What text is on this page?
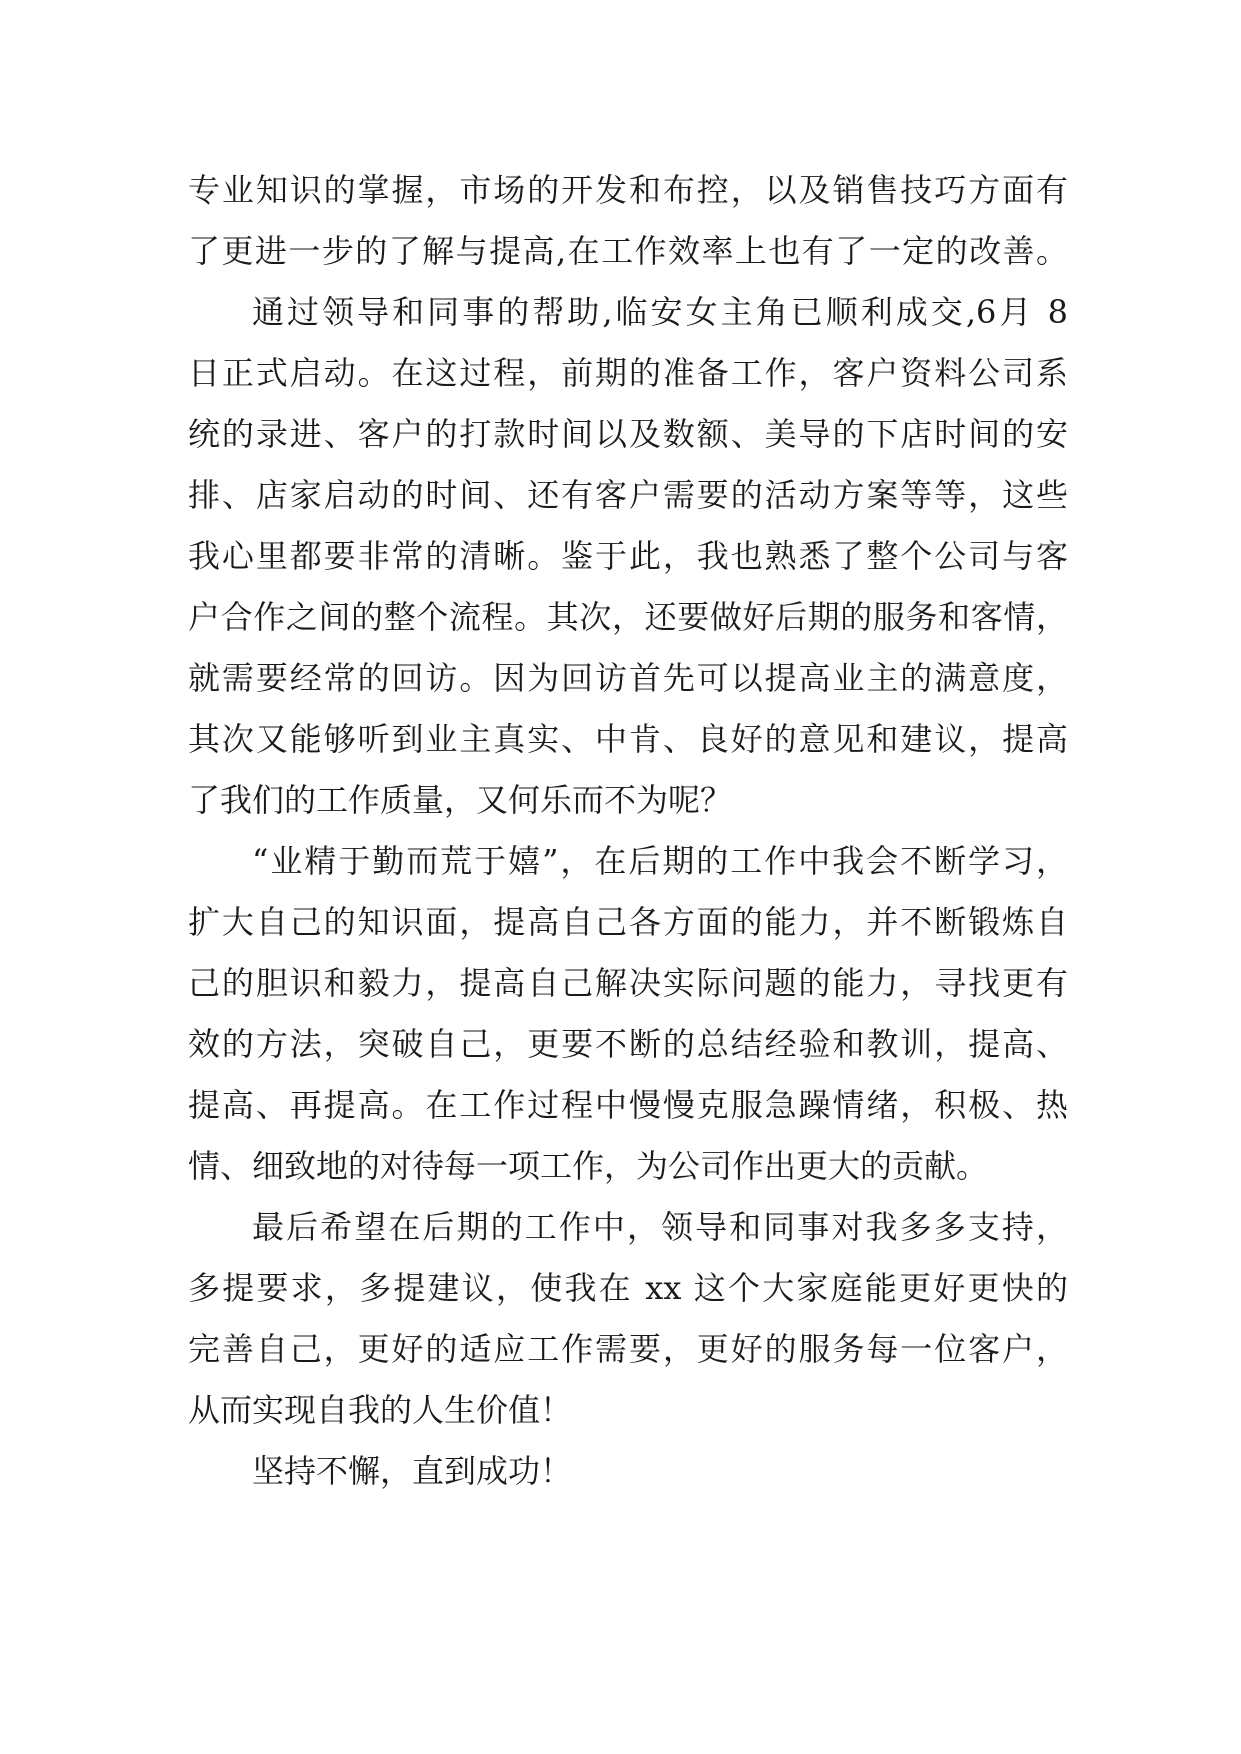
专业知识的掌握，市场的开发和布控，以及销售技巧方面有
了更进一步的了解与提高,在工作效率上也有了一定的改善。
通过领导和同事的帮助,临安女主角已顺利成交,6月 8
日正式启动。在这过程，前期的准备工作，客户资料公司系
统的录进、客户的打款时间以及数额、美导的下店时间的安
排、店家启动的时间、还有客户需要的活动方案等等，这些
我心里都要非常的清晰。鉴于此，我也熟悉了整个公司与客
户合作之间的整个流程。其次，还要做好后期的服务和客情，
就需要经常的回访。因为回访首先可以提高业主的满意度，
其次又能够听到业主真实、中肯、良好的意见和建议，提高
了我们的工作质量，又何乐而不为呢？
“业精于勤而荒于嬉”，在后期的工作中我会不断学习，
扩大自己的知识面，提高自己各方面的能力，并不断锻炼自
己的胆识和毅力，提高自己解决实际问题的能力，寻找更有
效的方法，突破自己，更要不断的总结经验和教训，提高、
提高、再提高。在工作过程中慢慢克服急躁情绪，积极、热
情、细致地的对待每一项工作，为公司作出更大的贡献。
最后希望在后期的工作中，领导和同事对我多多支持，
多提要求，多提建议，使我在 xx 这个大家庭能更好更快的
完善自己，更好的适应工作需要，更好的服务每一位客户，
从而实现自我的人生价值！
坚持不懈，直到成功！
